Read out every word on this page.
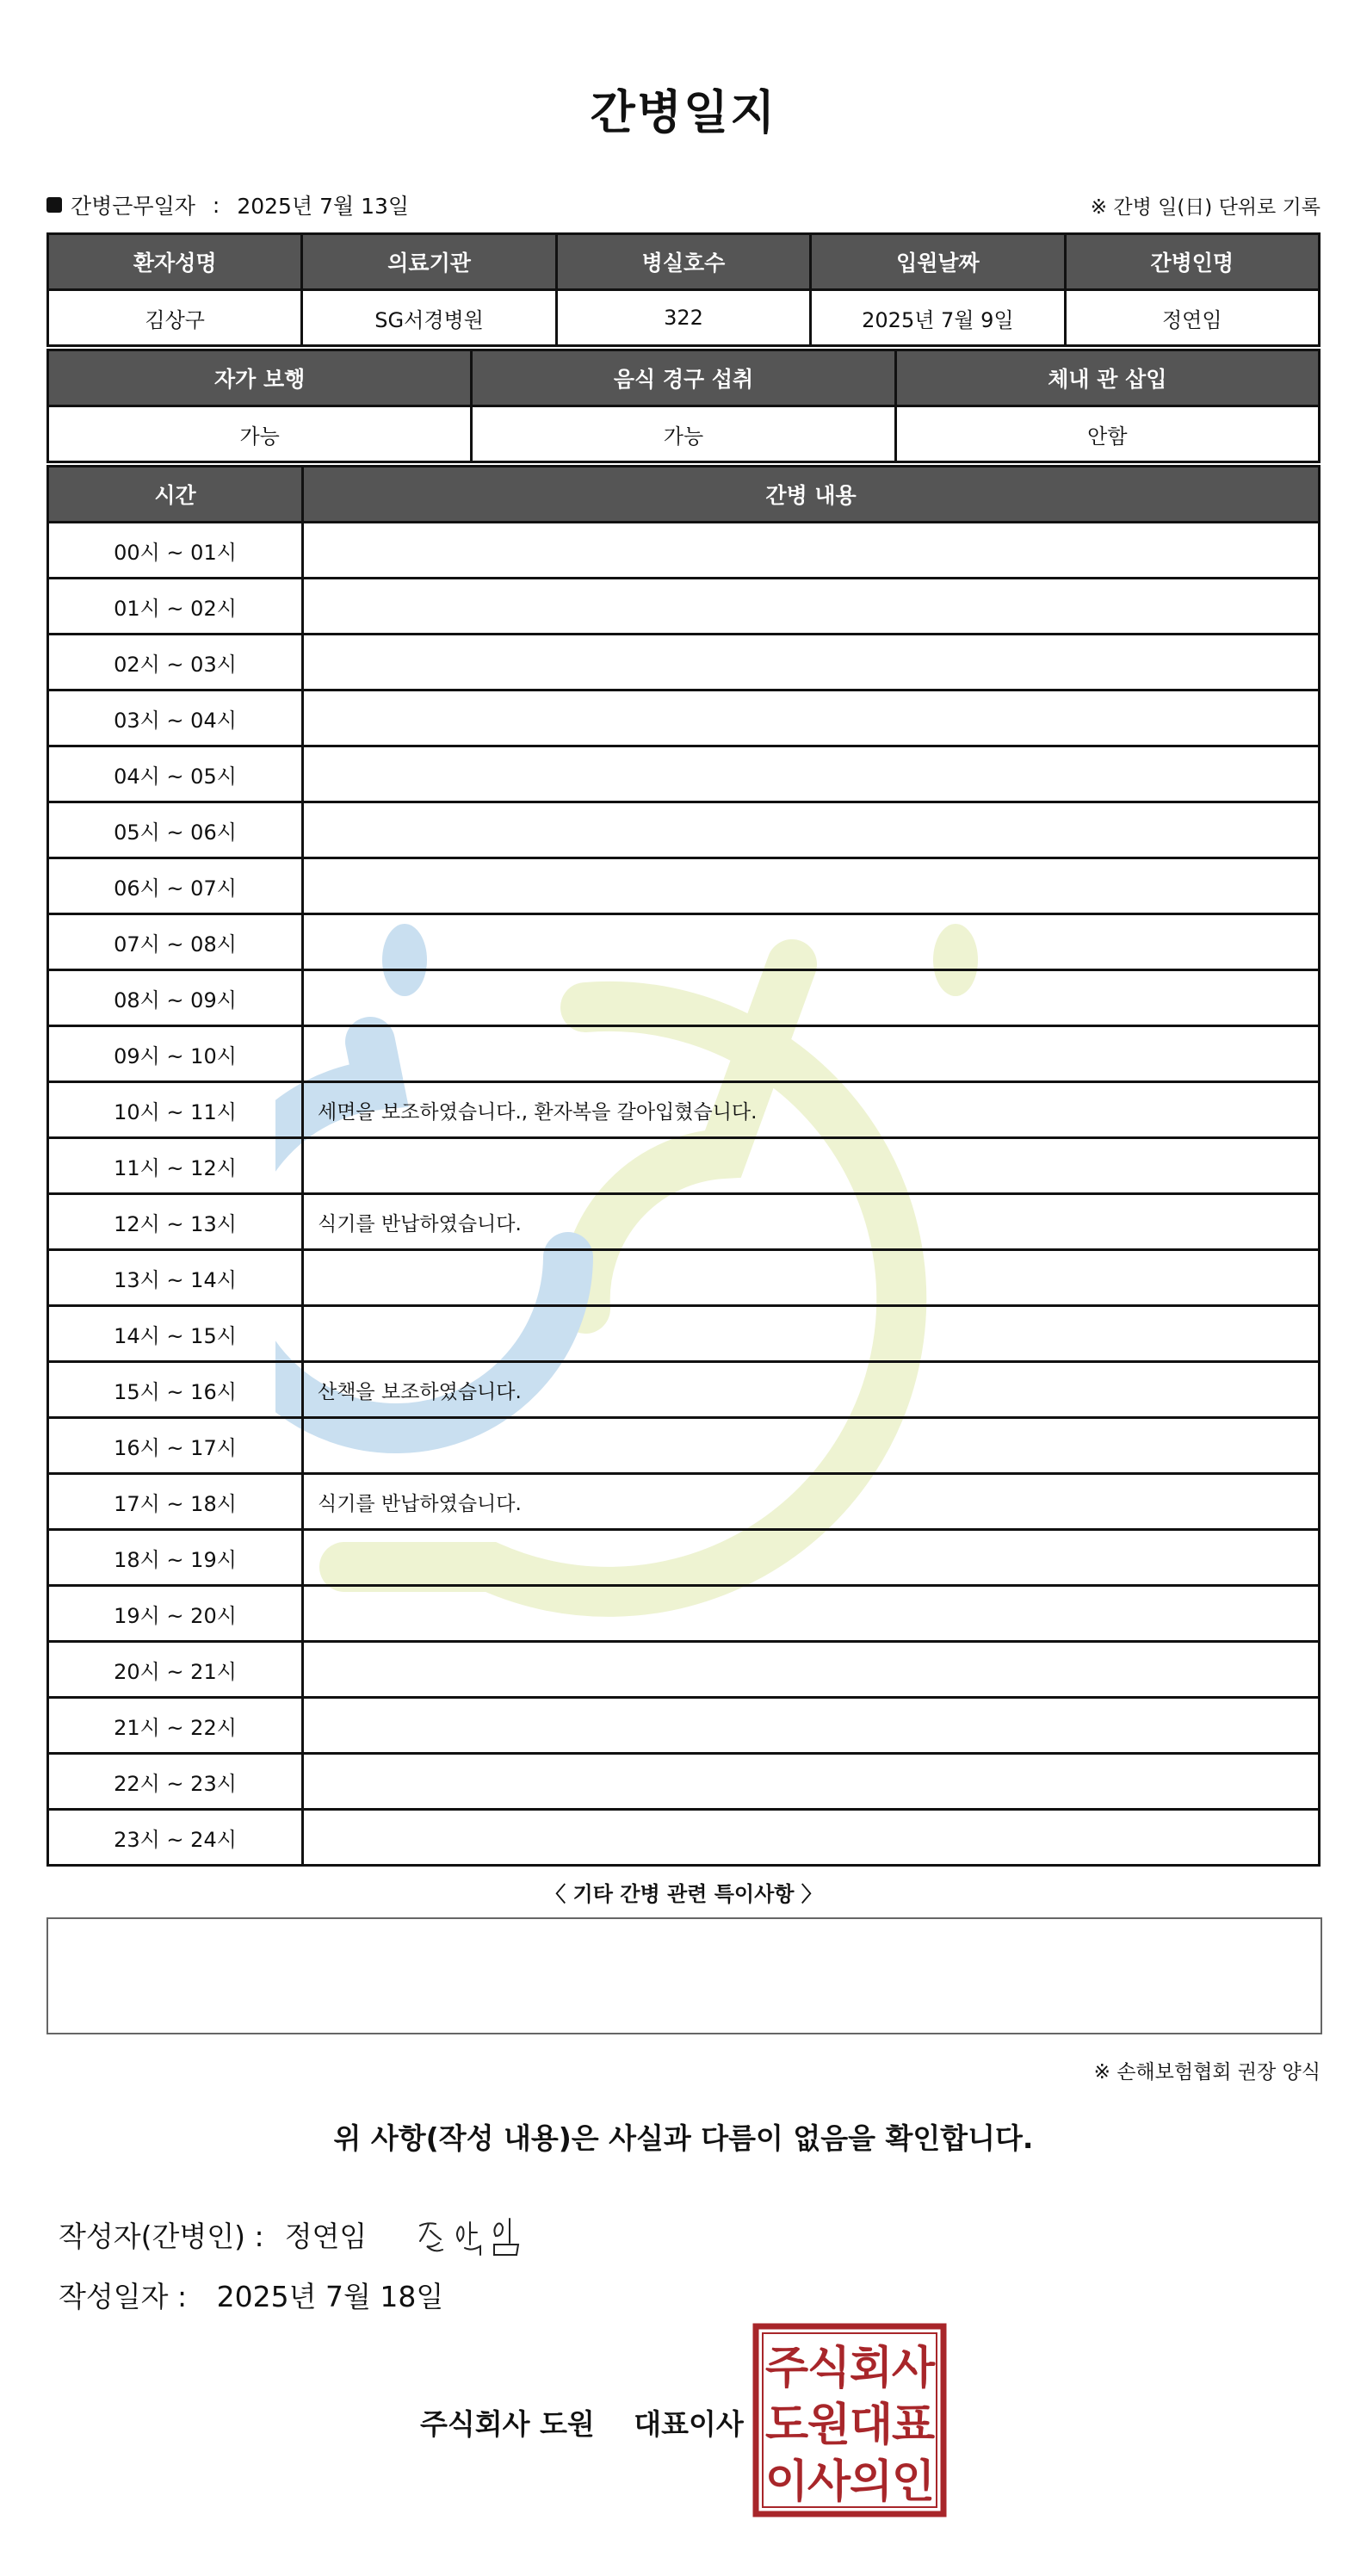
간병일지
간병근무일자 : 2025년 7월 13일	※ 간병 일(日) 단위로 기록
환자성명	의료기관	병실호수	입원날짜	간병인명
김상구	SG서경병원	322	2025년 7월 9일	정연임
자가 보행	음식 경구 섭취	체내 관 삽입
가능	가능	안함
시간	간병 내용
00시 ~ 01시	
01시 ~ 02시	
02시 ~ 03시	
03시 ~ 04시	
04시 ~ 05시	
05시 ~ 06시	
06시 ~ 07시	
07시 ~ 08시	
08시 ~ 09시	
09시 ~ 10시	
10시 ~ 11시	세면을 보조하였습니다., 환자복을 갈아입혔습니다.
11시 ~ 12시	
12시 ~ 13시	식기를 반납하였습니다.
13시 ~ 14시	
14시 ~ 15시	
15시 ~ 16시	산책을 보조하였습니다.
16시 ~ 17시	
17시 ~ 18시	식기를 반납하였습니다.
18시 ~ 19시	
19시 ~ 20시	
20시 ~ 21시	
21시 ~ 22시	
22시 ~ 23시	
23시 ~ 24시	
〈 기타 간병 관련 특이사항 〉
※ 손해보험협회 권장 양식
위 사항(작성 내용)은 사실과 다름이 없음을 확인합니다.
작성자(간병인) : 정연임
작성일자 : 2025년 7월 18일
주식회사 도원 대표이사
주
식
회
사
도
원
대
표
이
사
의
인
